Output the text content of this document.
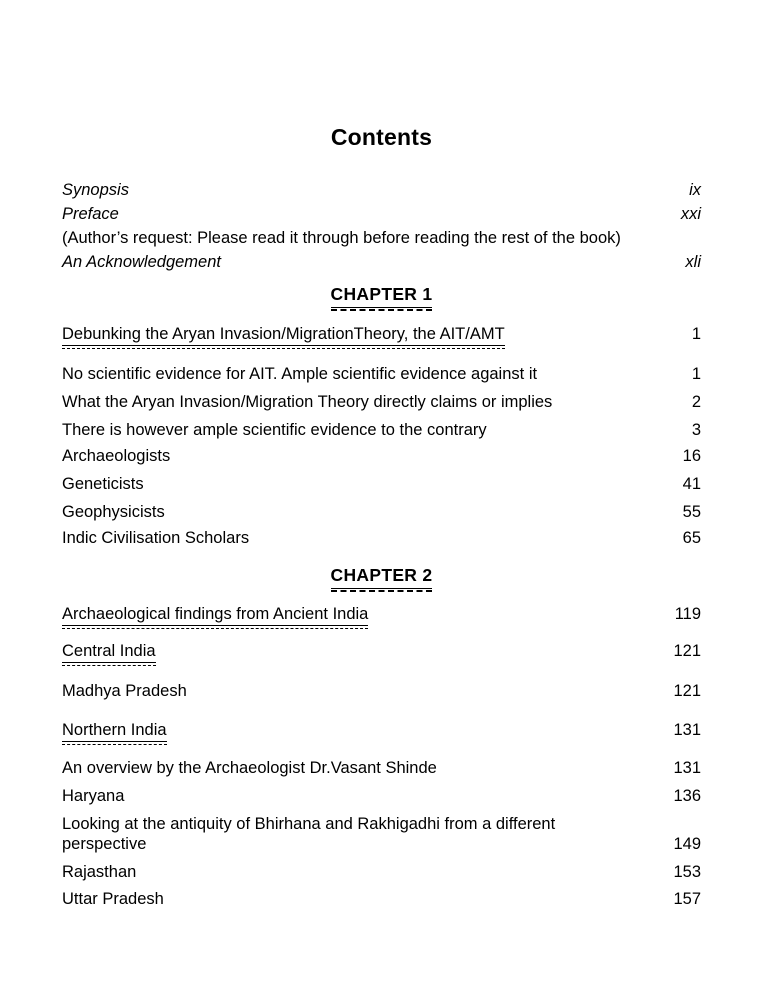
Contents
Synopsis	ix
Preface	xxi
(Author’s request: Please read it through before reading the rest of the book)
An Acknowledgement	xli
CHAPTER 1
Debunking the Aryan Invasion/MigrationTheory, the AIT/AMT	1
No scientific evidence for AIT. Ample scientific evidence against it	1
What the Aryan Invasion/Migration Theory directly claims or implies	2
There is however ample scientific evidence to the contrary	3
Archaeologists	16
Geneticists	41
Geophysicists	55
Indic Civilisation Scholars	65
CHAPTER 2
Archaeological findings from Ancient India	119
Central India	121
Madhya Pradesh	121
Northern India	131
An overview by the Archaeologist Dr.Vasant Shinde	131
Haryana	136
Looking at the antiquity of Bhirhana and Rakhigadhi from a different
perspective	149
Rajasthan	153
Uttar Pradesh	157
